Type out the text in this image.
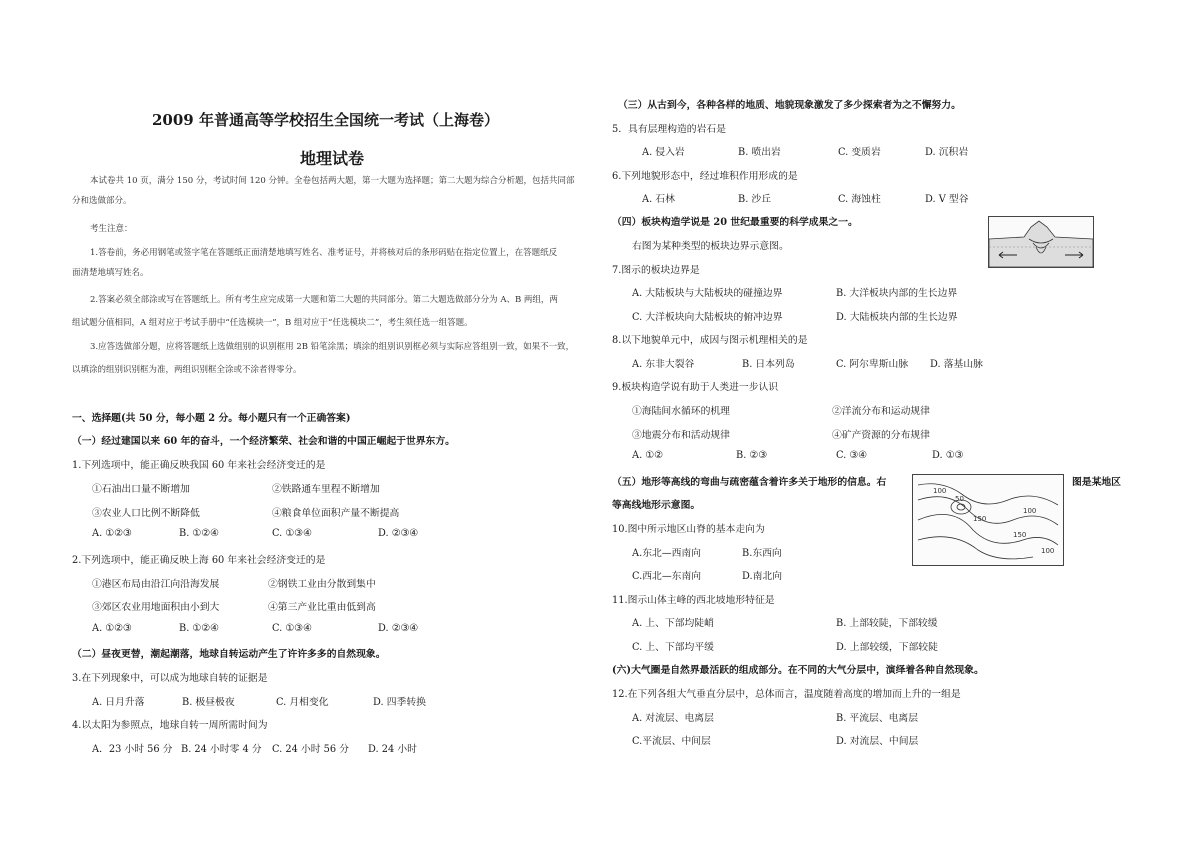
2009 年普通高等学校招生全国统一考试（上海卷）
地理试卷
本试卷共 10 页，满分 150 分，考试时间 120 分钟。全卷包括两大题，第一大题为选择题；第二大题为综合分析题，包括共同部
分和选做部分。
考生注意：
1.答卷前，务必用钢笔或签字笔在答题纸正面清楚地填写姓名、准考证号，并将核对后的条形码贴在指定位置上，在答题纸反
面清楚地填写姓名。
2.答案必须全部涂或写在答题纸上。所有考生应完成第一大题和第二大题的共同部分。第二大题选做部分分为 A、B 两组，两
组试题分值相同，A 组对应于考试手册中“任选模块一”，B 组对应于“任选模块二”，考生须任选一组答题。
3.应答选做部分题，应将答题纸上选做组别的识别框用 2B 铅笔涂黑；填涂的组别识别框必须与实际应答组别一致，如果不一致，
以填涂的组别识别框为准，两组识别框全涂或不涂者得零分。
一、选择题(共 50 分，每小题 2 分。每小题只有一个正确答案)
（一）经过建国以来 60 年的奋斗，一个经济繁荣、社会和谐的中国正崛起于世界东方。
1.下列选项中，能正确反映我国 60 年来社会经济变迁的是
①石油出口量不断增加	②铁路通车里程不断增加
③农业人口比例不断降低	④粮食单位面积产量不断提高
A. ①②③	B. ①②④	C. ①③④	D. ②③④
2.下列选项中，能正确反映上海 60 年来社会经济变迁的是
①港区布局由沿江向沿海发展	②钢铁工业由分散到集中
③郊区农业用地面积由小到大	④第三产业比重由低到高
A. ①②③	B. ①②④	C. ①③④	D. ②③④
（二）昼夜更替，潮起潮落，地球自转运动产生了许许多多的自然现象。
3.在下列现象中，可以成为地球自转的证据是
A. 日月升落	B. 极昼极夜	C. 月相变化	D. 四季转换
4.以太阳为参照点，地球自转一周所需时间为
A．23 小时 56 分 B. 24 小时零 4 分 C. 24 小时 56 分 D. 24 小时
（三）从古到今，各种各样的地质、地貌现象激发了多少探索者为之不懈努力。
5．具有层理构造的岩石是
A. 侵入岩	B. 喷出岩	C. 变质岩	D. 沉积岩
6.下列地貌形态中，经过堆积作用形成的是
A. 石林	B. 沙丘	C. 海蚀柱	D. V 型谷
（四）板块构造学说是 20 世纪最重要的科学成果之一。
右图为某种类型的板块边界示意图。
7.图示的板块边界是
A. 大陆板块与大陆板块的碰撞边界	B. 大洋板块内部的生长边界
C. 大洋板块向大陆板块的俯冲边界	D. 大陆板块内部的生长边界
8.以下地貌单元中，成因与图示机理相关的是
A. 东非大裂谷	B. 日本列岛	C. 阿尔卑斯山脉 D. 落基山脉
9.板块构造学说有助于人类进一步认识
①海陆间水循环的机理	②洋流分布和运动规律
③地震分布和活动规律	④矿产资源的分布规律
A. ①②	B. ②③	C. ③④	D. ①③
（五）地形等高线的弯曲与疏密蕴含着许多关于地形的信息。右	图是某地区
等高线地形示意图。
100
150
50
100
150
100
10.图中所示地区山脊的基本走向为
A.东北—西南向	B.东西向
C.西北—东南向	D.南北向
11.图示山体主峰的西北坡地形特征是
A. 上、下部均陡峭	B. 上部较陡，下部较缓
C. 上、下部均平缓	D. 上部较缓，下部较陡
(六)大气圈是自然界最活跃的组成部分。在不同的大气分层中，演绎着各种自然现象。
12.在下列各组大气垂直分层中，总体而言，温度随着高度的增加而上升的一组是
A. 对流层、电离层	B. 平流层、电离层
C.平流层、中间层	D. 对流层、中间层
